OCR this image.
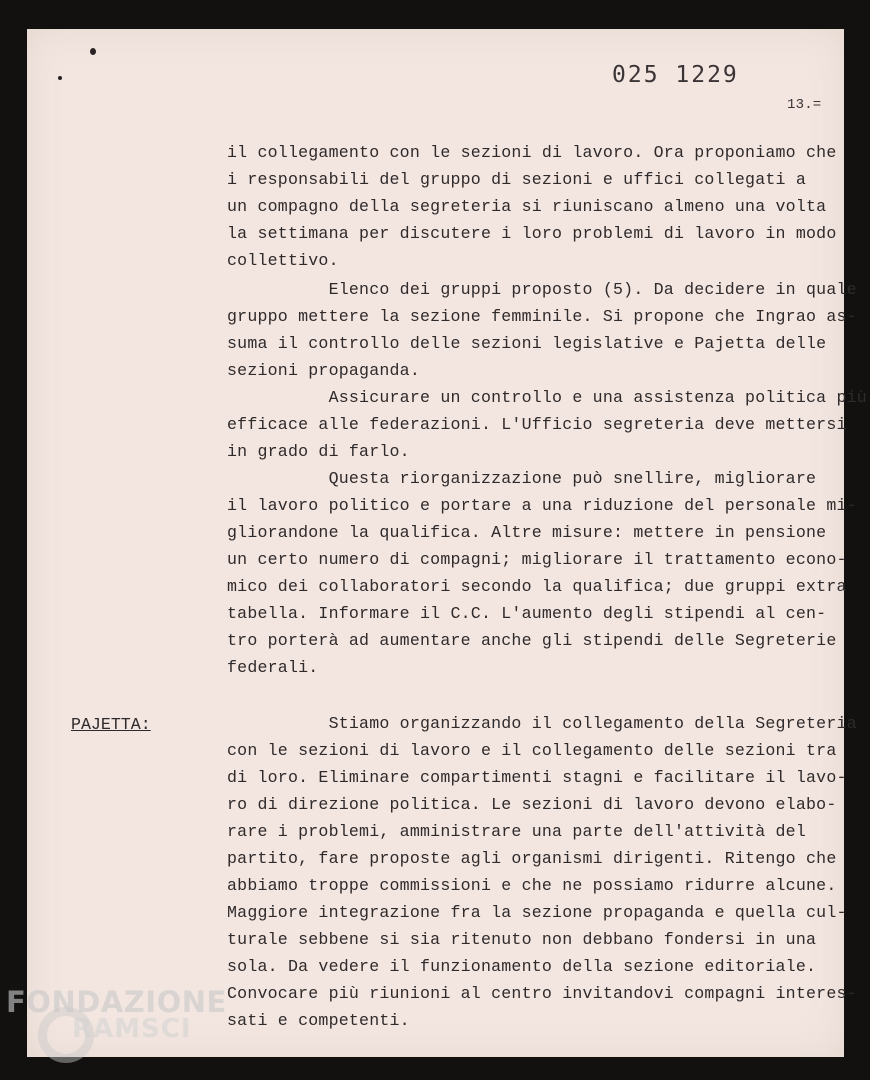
025 1229
13.=
il collegamento con le sezioni di lavoro. Ora proponiamo che
i responsabili del gruppo di sezioni e uffici collegati a
un compagno della segreteria si riuniscano almeno una volta
la settimana per discutere i loro problemi di lavoro in modo
collettivo.
Elenco dei gruppi proposto (5). Da decidere in quale
gruppo mettere la sezione femminile. Si propone che Ingrao as-
suma il controllo delle sezioni legislative e Pajetta delle
sezioni propaganda.
Assicurare un controllo e una assistenza politica più
efficace alle federazioni. L'Ufficio segreteria deve mettersi
in grado di farlo.
Questa riorganizzazione può snellire, migliorare
il lavoro politico e portare a una riduzione del personale mi-
gliorandone la qualifica. Altre misure: mettere in pensione
un certo numero di compagni; migliorare il trattamento econo-
mico dei collaboratori secondo la qualifica; due gruppi extra
tabella. Informare il C.C. L'aumento degli stipendi al cen-
tro porterà ad aumentare anche gli stipendi delle Segreterie
federali.
PAJETTA:	Stiamo organizzando il collegamento della Segreteria
con le sezioni di lavoro e il collegamento delle sezioni tra
di loro. Eliminare compartimenti stagni e facilitare il lavo-
ro di direzione politica. Le sezioni di lavoro devono elabo-
rare i problemi, amministrare una parte dell'attività del
partito, fare proposte agli organismi dirigenti. Ritengo che
abbiamo troppe commissioni e che ne possiamo ridurre alcune.
Maggiore integrazione fra la sezione propaganda e quella cul-
turale sebbene si sia ritenuto non debbano fondersi in una
sola. Da vedere il funzionamento della sezione editoriale.
Convocare più riunioni al centro invitandovi compagni interes-
sati e competenti.
FONDAZIONE
RAMSCI
